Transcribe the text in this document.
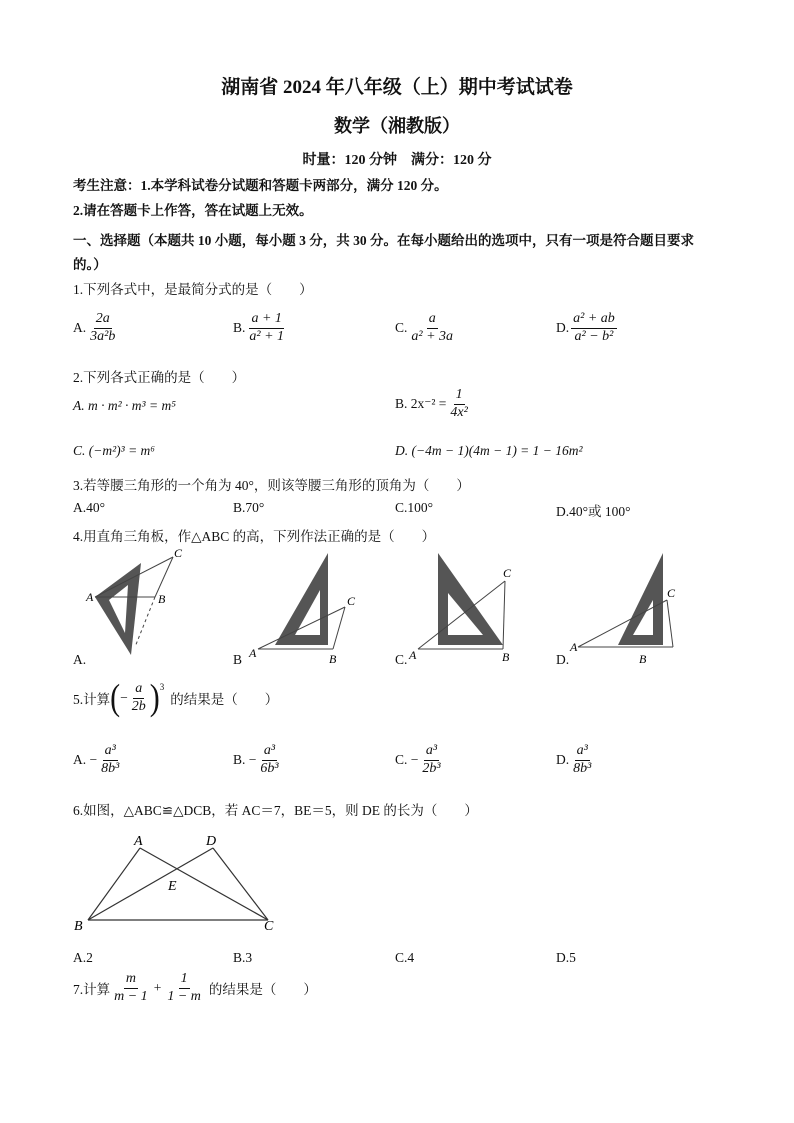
湖南省 2024 年八年级（上）期中考试试卷
数学（湘教版）
时量：120 分钟　满分：120 分
考生注意：1.本学科试卷分试题和答题卡两部分，满分 120 分。
2.请在答题卡上作答，答在试题上无效。
一、选择题（本题共 10 小题，每小题 3 分，共 30 分。在每小题给出的选项中，只有一项是符合题目要求
的。）
1.下列各式中，是最简分式的是（　　）
A. $\frac{2a}{\text{3a²b}}$	B. $\frac{a + 1}{\text{a² + 1}}$	C. $\frac{a}{\text{a² + 3a}}$	D. $\frac{\text{a² + ab}}{\text{a² − b²}}$
2.下列各式正确的是（　　）
A. m · m² · m³ = m⁵	B. $2x^{-2} = \frac{1}{\text{4x²}}$
C. (−m²)³ = m⁶	D. (−4m − 1)(4m − 1) = 1 − 16m²
3.若等腰三角形的一个角为 40°，则该等腰三角形的顶角为（　　）
A.40°	B.70°	C.100°	D.40°或 100°
4.用直角三角板，作△ABC 的高，下列作法正确的是（　　）
A	B
C
A	B
C
A	B
C
A
B
C
A.	B	C.	D.
5.计算 ( − $\frac{a}{2b} )^3$
的结果是（　　）
A. − $\frac{\text{a³}}{\text{8b³}}$	B. − $\frac{\text{a³}}{\text{6b³}}$	C. − $\frac{\text{a³}}{\text{2b³}}$	D. $\frac{\text{a³}}{\text{8b³}}$
6.如图，△ABC≌△DCB，若 AC＝7，BE＝5，则 DE 的长为（　　）
A	D
E
B	C
A.2	B.3	C.4	D.5
7.计算 $\frac{m}{m - 1} + \frac{1}{1 - m}$ 的结果是（　　）
